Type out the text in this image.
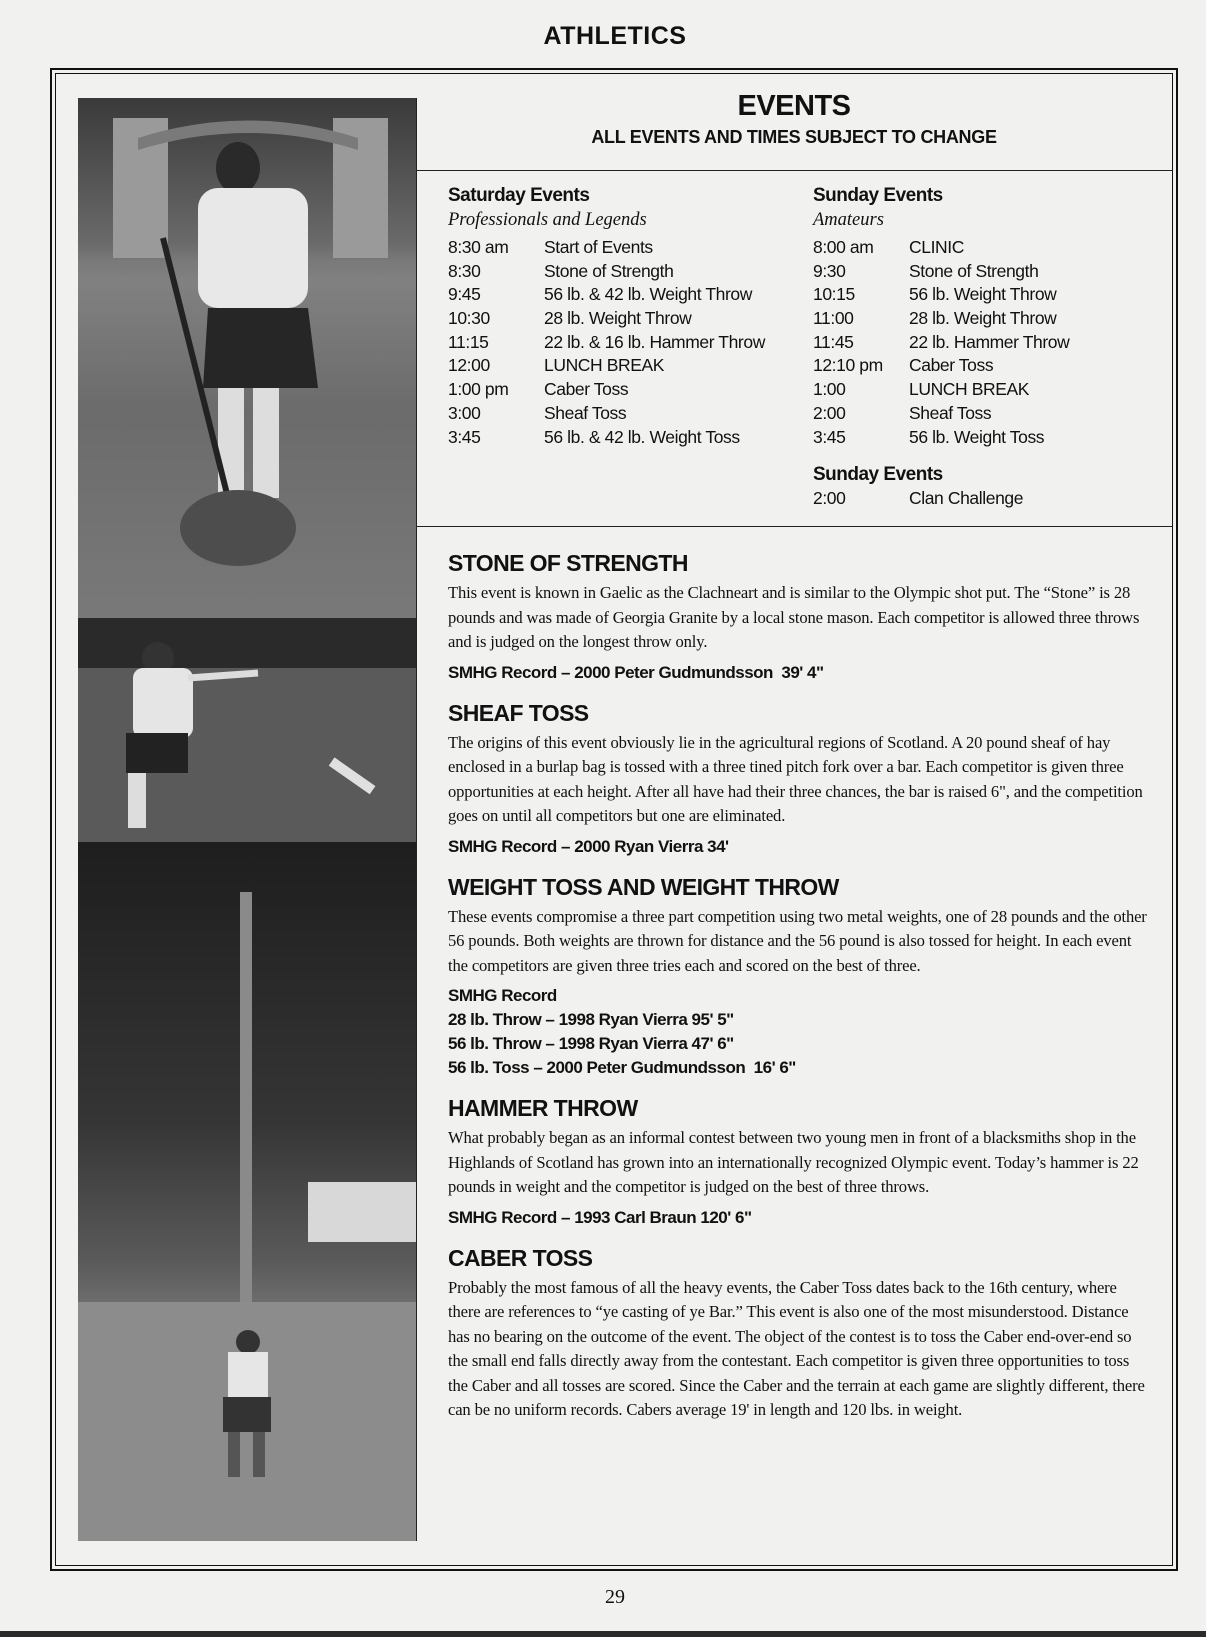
ATHLETICS
EVENTS
ALL EVENTS AND TIMES SUBJECT TO CHANGE
Saturday Events
Professionals and Legends
8:30 am	Start of Events
8:30	Stone of Strength
9:45	56 lb. & 42 lb. Weight Throw
10:30	28 lb. Weight Throw
11:15	22 lb. & 16 lb. Hammer Throw
12:00	LUNCH BREAK
1:00 pm	Caber Toss
3:00	Sheaf Toss
3:45	56 lb. & 42 lb. Weight Toss
Sunday Events
Amateurs
8:00 am	CLINIC
9:30	Stone of Strength
10:15	56 lb. Weight Throw
11:00	28 lb. Weight Throw
11:45	22 lb. Hammer Throw
12:10 pm	Caber Toss
1:00	LUNCH BREAK
2:00	Sheaf Toss
3:45	56 lb. Weight Toss
Sunday Events
2:00	Clan Challenge
STONE OF STRENGTH

This event is known in Gaelic as the Clachneart and is similar to the Olympic shot put. The “Stone” is 28 pounds and was made of Georgia Granite by a local stone mason. Each competitor is allowed three throws and is judged on the longest throw only.

SMHG Record – 2000 Peter Gudmundsson  39' 4"
SHEAF TOSS

The origins of this event obviously lie in the agricultural regions of Scotland. A 20 pound sheaf of hay enclosed in a burlap bag is tossed with a three tined pitch fork over a bar. Each competitor is given three opportunities at each height. After all have had their three chances, the bar is raised 6", and the competition goes on until all competitors but one are eliminated.

SMHG Record – 2000 Ryan Vierra 34'
WEIGHT TOSS AND WEIGHT THROW

These events compromise a three part competition using two metal weights, one of 28 pounds and the other 56 pounds. Both weights are thrown for distance and the 56 pound is also tossed for height. In each event the competitors are given three tries each and scored on the best of three.

SMHG Record
28 lb. Throw – 1998 Ryan Vierra 95' 5"
56 lb. Throw – 1998 Ryan Vierra 47' 6"
56 lb. Toss – 2000 Peter Gudmundsson  16' 6"
HAMMER THROW

What probably began as an informal contest between two young men in front of a blacksmiths shop in the Highlands of Scotland has grown into an internationally recognized Olympic event. Today’s hammer is 22 pounds in weight and the competitor is judged on the best of three throws.

SMHG Record – 1993 Carl Braun 120' 6"
CABER TOSS

Probably the most famous of all the heavy events, the Caber Toss dates back to the 16th century, where there are references to “ye casting of ye Bar.” This event is also one of the most misunderstood. Distance has no bearing on the outcome of the event. The object of the contest is to toss the Caber end-over-end so the small end falls directly away from the contestant. Each competitor is given three opportunities to toss the Caber and all tosses are scored. Since the Caber and the terrain at each game are slightly different, there can be no uniform records. Cabers average 19' in length and 120 lbs. in weight.

29
